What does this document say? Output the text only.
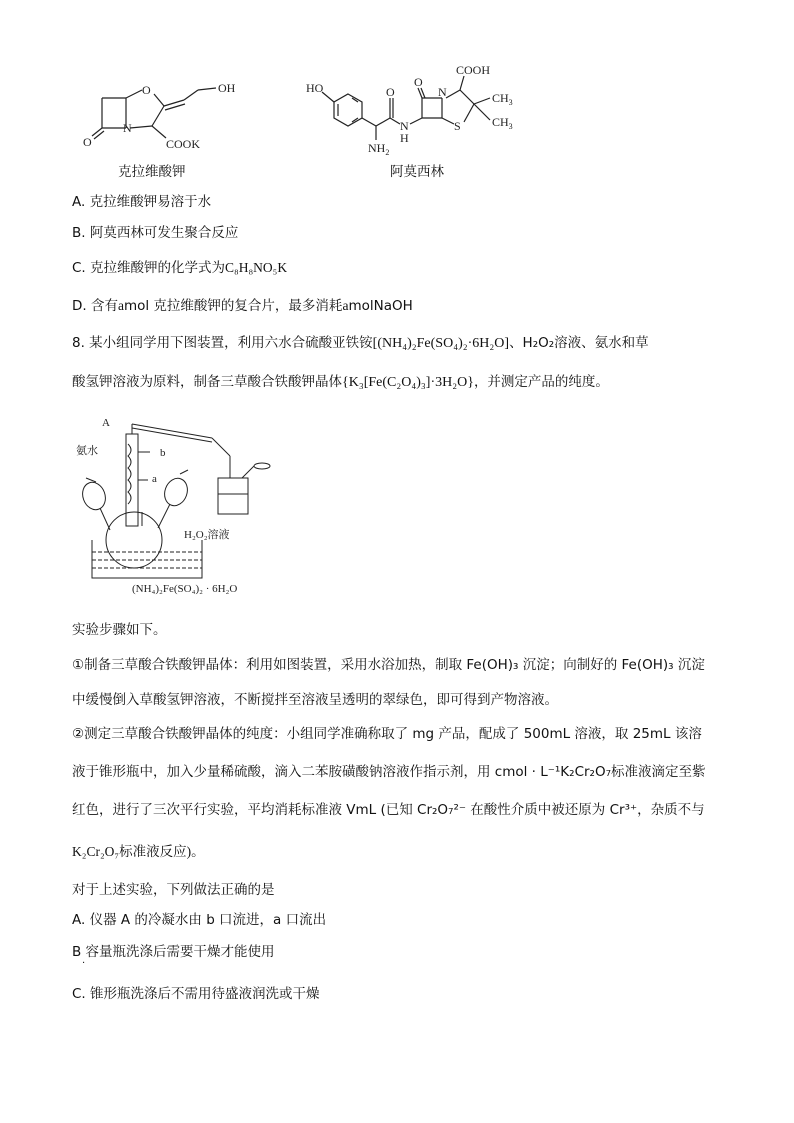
O
O
N
OH
COOK
克拉维酸钾
HO	O
$NH_2$
N
H
N
O
S
COOH
$CH_3$
$CH_3$
阿莫西林
A. 克拉维酸钾易溶于水
B. 阿莫西林可发生聚合反应
C. 克拉维酸钾的化学式为C₈H₈NO₅K
D. 含有amol 克拉维酸钾的复合片，最多消耗amolNaOH
8. 某小组同学用下图装置，利用六水合硫酸亚铁铵[(NH₄)₂Fe(SO₄)₂·6H₂O]、H₂O₂溶液、氨水和草
酸氢钾溶液为原料，制备三草酸合铁酸钾晶体{K₃[Fe(C₂O₄)₃]·3H₂O}，并测定产品的纯度。
A
氨水	b
a
H₂O₂溶液
(NH₄)₂Fe(SO₄)₂ · 6H₂O
实验步骤如下。
①制备三草酸合铁酸钾晶体：利用如图装置，采用水浴加热，制取 Fe(OH)₃ 沉淀；向制好的 Fe(OH)₃ 沉淀
中缓慢倒入草酸氢钾溶液，不断搅拌至溶液呈透明的翠绿色，即可得到产物溶液。
②测定三草酸合铁酸钾晶体的纯度：小组同学准确称取了 mg 产品，配成了 500mL 溶液，取 25mL 该溶
液于锥形瓶中，加入少量稀硫酸，滴入二苯胺磺酸钠溶液作指示剂，用 cmol · L⁻¹K₂Cr₂O₇标准液滴定至紫
红色，进行了三次平行实验，平均消耗标准液 VmL (已知 Cr₂O₇²⁻ 在酸性介质中被还原为 Cr³⁺，杂质不与
K₂Cr₂O₇标准液反应)。
对于上述实验，下列做法正确的是
A. 仪器 A 的冷凝水由 b 口流进，a 口流出
B 容量瓶洗涤后需要干燥才能使用
·
C. 锥形瓶洗涤后不需用待盛液润洗或干燥
